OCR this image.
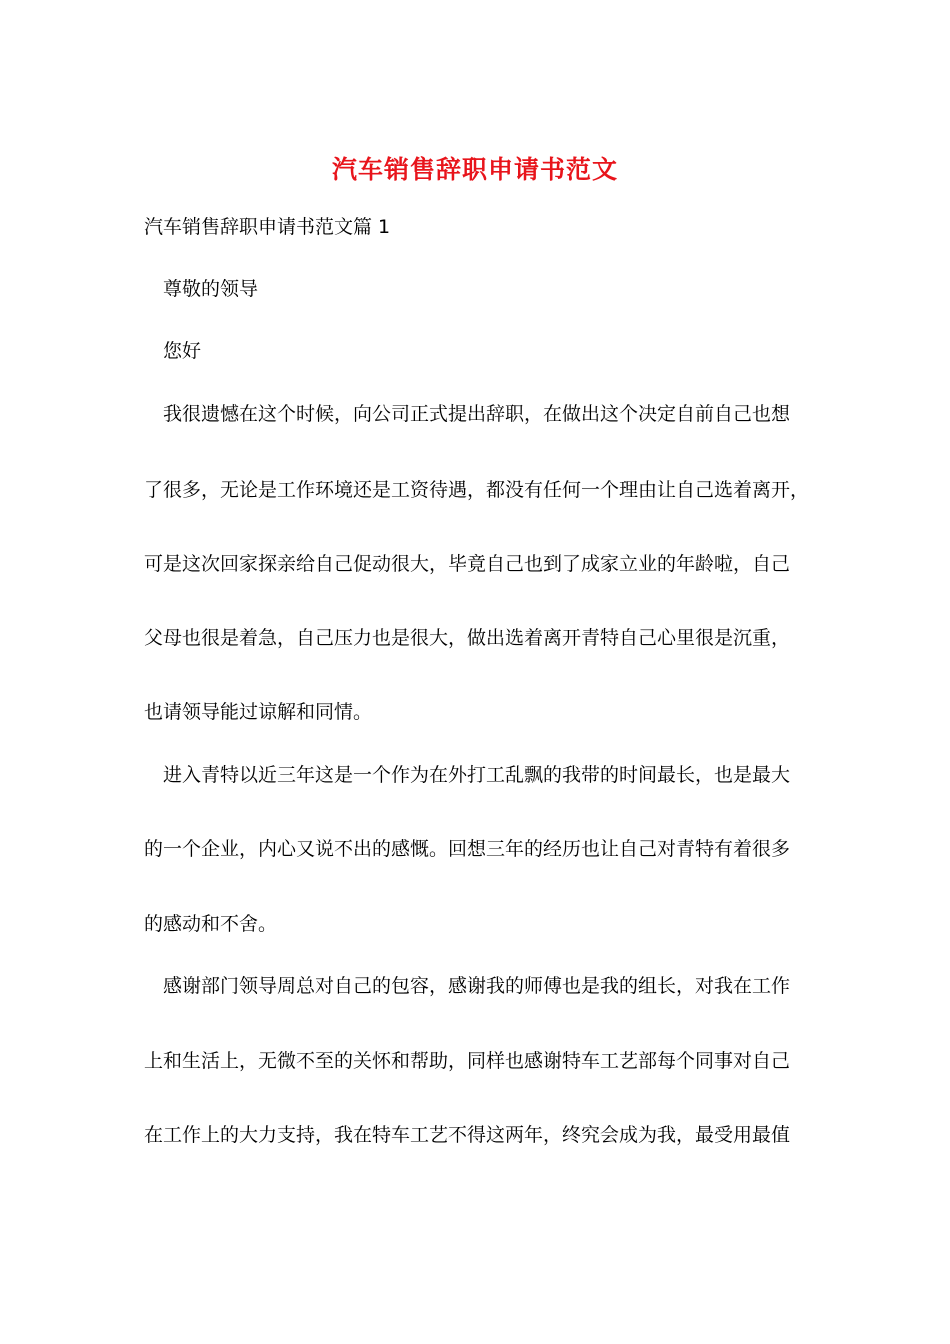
汽车销售辞职申请书范文
汽车销售辞职申请书范文篇 1
尊敬的领导
您好
我很遗憾在这个时候，向公司正式提出辞职，在做出这个决定自前自己也想
了很多，无论是工作环境还是工资待遇，都没有任何一个理由让自己选着离开，
可是这次回家探亲给自己促动很大，毕竟自己也到了成家立业的年龄啦，自己
父母也很是着急，自己压力也是很大，做出选着离开青特自己心里很是沉重，
也请领导能过谅解和同情。
进入青特以近三年这是一个作为在外打工乱飘的我带的时间最长，也是最大
的一个企业，内心又说不出的感慨。回想三年的经历也让自己对青特有着很多
的感动和不舍。
感谢部门领导周总对自己的包容，感谢我的师傅也是我的组长，对我在工作
上和生活上，无微不至的关怀和帮助，同样也感谢特车工艺部每个同事对自己
在工作上的大力支持，我在特车工艺不得这两年，终究会成为我，最受用最值
